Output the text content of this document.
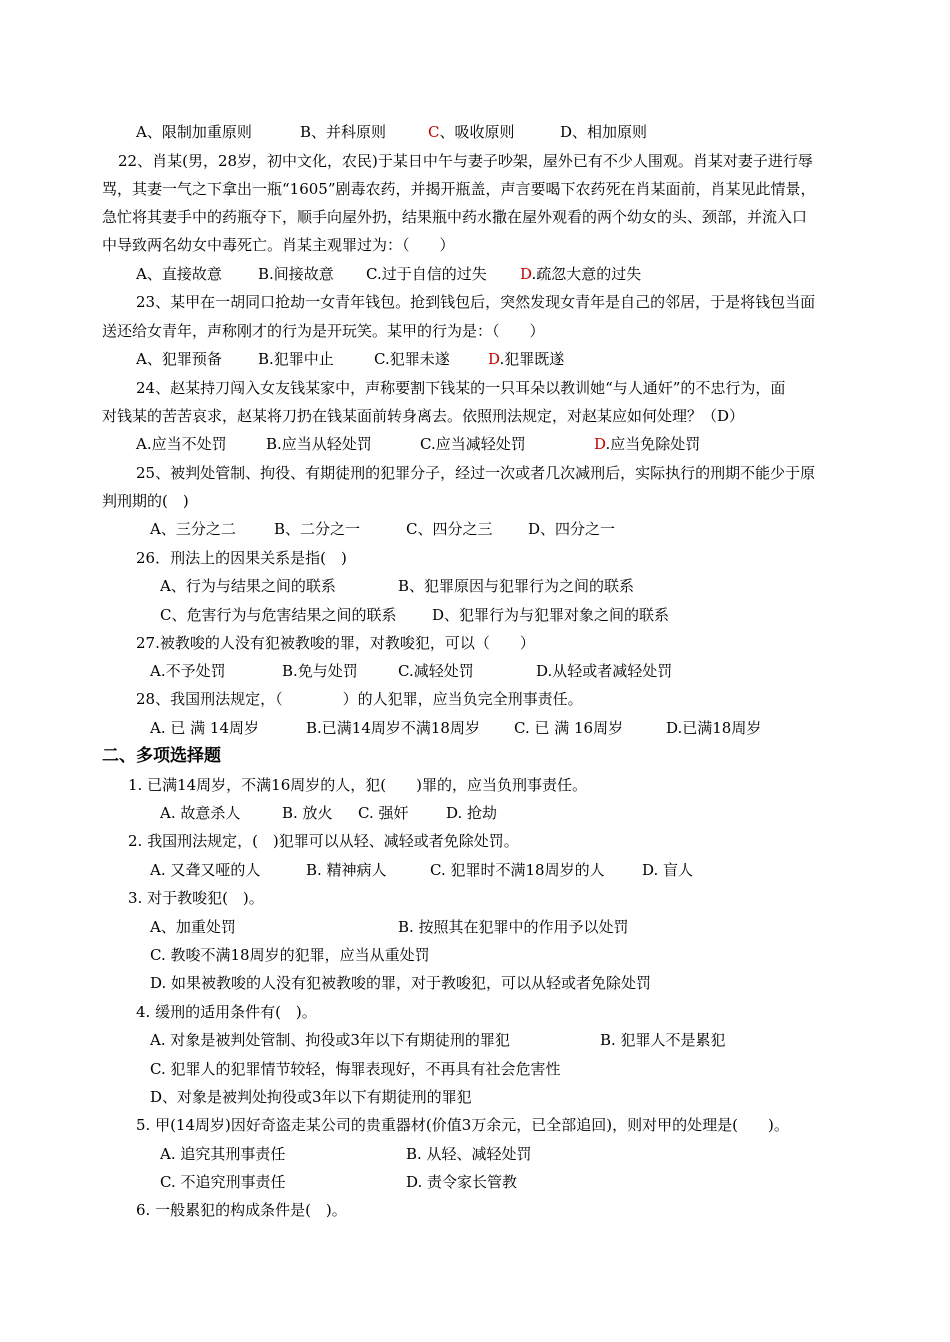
A、限制加重原则	B、并科原则	C、吸收原则	D、相加原则
22、肖某(男，28岁，初中文化，农民)于某日中午与妻子吵架，屋外已有不少人围观。肖某对妻子进行辱
骂，其妻一气之下拿出一瓶“1605”剧毒农药，并揭开瓶盖，声言要喝下农药死在肖某面前，肖某见此情景，
急忙将其妻手中的药瓶夺下，顺手向屋外扔，结果瓶中药水撒在屋外观看的两个幼女的头、颈部，并流入口
中导致两名幼女中毒死亡。肖某主观罪过为：（　　）
A、直接故意 B.间接故意 C.过于自信的过失 D.疏忽大意的过失
23、某甲在一胡同口抢劫一女青年钱包。抢到钱包后，突然发现女青年是自己的邻居，于是将钱包当面
送还给女青年，声称刚才的行为是开玩笑。某甲的行为是：（　　）
A、犯罪预备 B.犯罪中止	C.犯罪未遂	D.犯罪既遂
24、赵某持刀闯入女友钱某家中，声称要割下钱某的一只耳朵以教训她“与人通奸”的不忠行为，面
对钱某的苦苦哀求，赵某将刀扔在钱某面前转身离去。依照刑法规定，对赵某应如何处理？（D）
A.应当不处罚	B.应当从轻处罚	C.应当减轻处罚	D.应当免除处罚
25、被判处管制、拘役、有期徒刑的犯罪分子，经过一次或者几次减刑后，实际执行的刑期不能少于原
判刑期的(　)
A、三分之二	B、二分之一	C、四分之三 D、四分之一
26．刑法上的因果关系是指(　)
A、行为与结果之间的联系	B、犯罪原因与犯罪行为之间的联系
C、危害行为与危害结果之间的联系 D、犯罪行为与犯罪对象之间的联系
27.被教唆的人没有犯被教唆的罪，对教唆犯，可以（　　）
A.不予处罚	B.免与处罚	C.减轻处罚	D.从轻或者减轻处罚
28、我国刑法规定，（　　　　）的人犯罪，应当负完全刑事责任。
A. 已 满 14周岁	B.已满14周岁不满18周岁 C. 已 满 16周岁	D.已满18周岁
二、多项选择题
1. 已满14周岁，不满16周岁的人，犯(　　)罪的，应当负刑事责任。
A. 故意杀人	B. 放火 C. 强奸	D. 抢劫
2. 我国刑法规定，(　)犯罪可以从轻、减轻或者免除处罚。
A. 又聋又哑的人	B. 精神病人	C. 犯罪时不满18周岁的人 D. 盲人
3. 对于教唆犯(　)。
A、加重处罚	B. 按照其在犯罪中的作用予以处罚
C. 教唆不满18周岁的犯罪，应当从重处罚
D. 如果被教唆的人没有犯被教唆的罪，对于教唆犯，可以从轻或者免除处罚
4. 缓刑的适用条件有(　)。
A. 对象是被判处管制、拘役或3年以下有期徒刑的罪犯	B. 犯罪人不是累犯
C. 犯罪人的犯罪情节较轻，悔罪表现好，不再具有社会危害性
D、对象是被判处拘役或3年以下有期徒刑的罪犯
5. 甲(14周岁)因好奇盗走某公司的贵重器材(价值3万余元，已全部追回)，则对甲的处理是(　　)。
A. 追究其刑事责任	B. 从轻、减轻处罚
C. 不追究刑事责任	D. 责令家长管教
6. 一般累犯的构成条件是(　)。
